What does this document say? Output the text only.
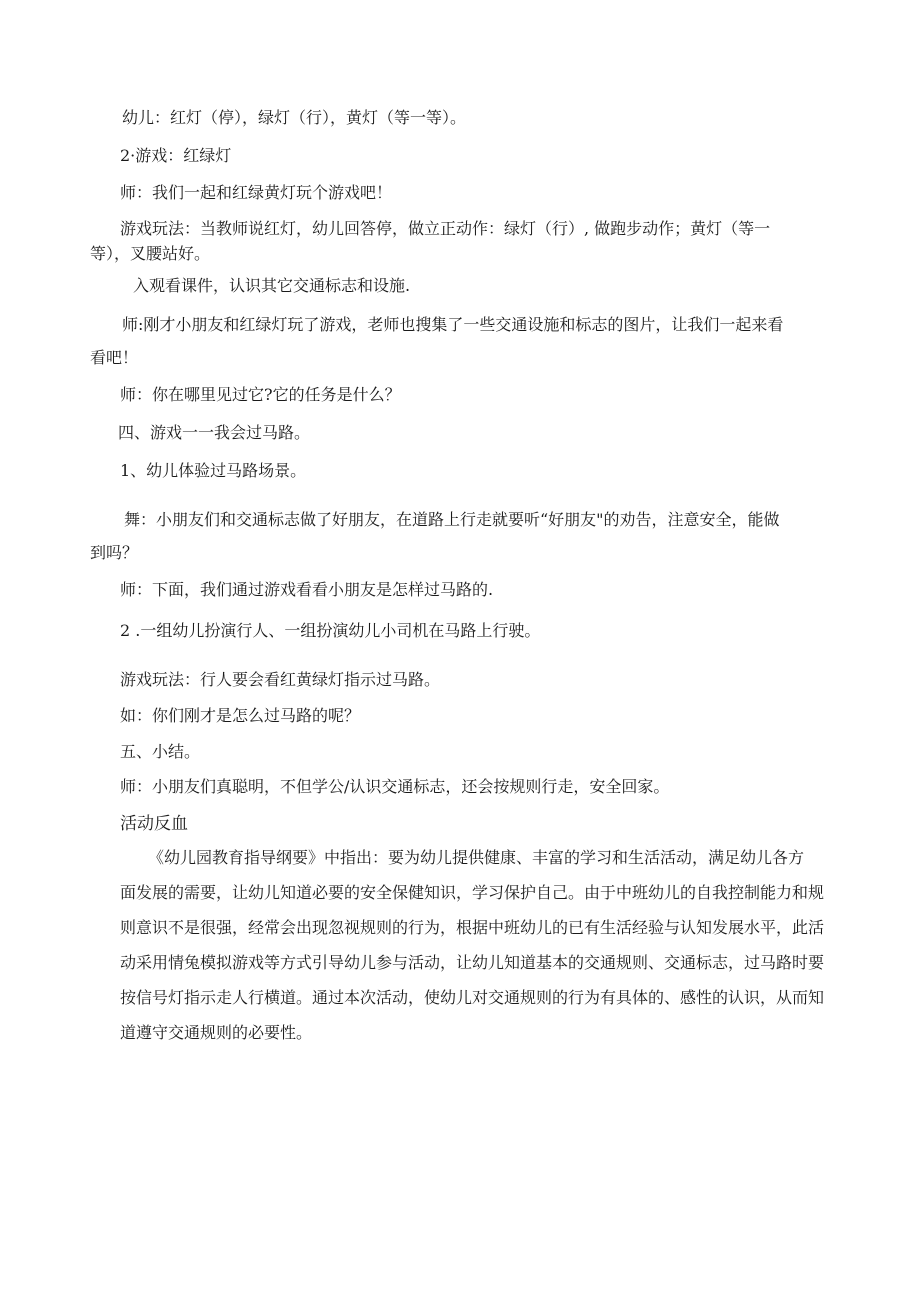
幼儿：红灯（停），绿灯（行），黄灯（等一等）。
2·游戏：红绿灯
师：我们一起和红绿黄灯玩个游戏吧！
游戏玩法：当教师说红灯，幼儿回答停，做立正动作：绿灯（行）, 做跑步动作；黄灯（等一
等），叉腰站好。
入观看课件，认识其它交通标志和设施.
师:刚才小朋友和红绿灯玩了游戏，老师也搜集了一些交通设施和标志的图片，让我们一起来看
看吧！
师：你在哪里见过它?它的任务是什么？
四、游戏一一我会过马路。
1、幼儿体验过马路场景。
舞：小朋友们和交通标志做了好朋友，在道路上行走就要听“好朋友"的劝告，注意安全，能做
到吗？
师：下面，我们通过游戏看看小朋友是怎样过马路的.
2 .一组幼儿扮演行人、一组扮演幼儿小司机在马路上行驶。
游戏玩法：行人要会看红黄绿灯指示过马路。
如：你们刚才是怎么过马路的呢？
五、小结。
师：小朋友们真聪明，不但学公/认识交通标志，还会按规则行走，安全回家。
活动反血
《幼儿园教育指导纲要》中指出：要为幼儿提供健康、丰富的学习和生活活动，满足幼儿各方
面发展的需要，让幼儿知道必要的安全保健知识，学习保护自己。由于中班幼儿的自我控制能力和规
则意识不是很强，经常会出现忽视规则的行为，根据中班幼儿的已有生活经验与认知发展水平，此活
动采用情兔模拟游戏等方式引导幼儿参与活动，让幼儿知道基本的交通规则、交通标志，过马路时要
按信号灯指示走人行横道。通过本次活动，使幼儿对交通规则的行为有具体的、感性的认识，从而知
道遵守交通规则的必要性。
